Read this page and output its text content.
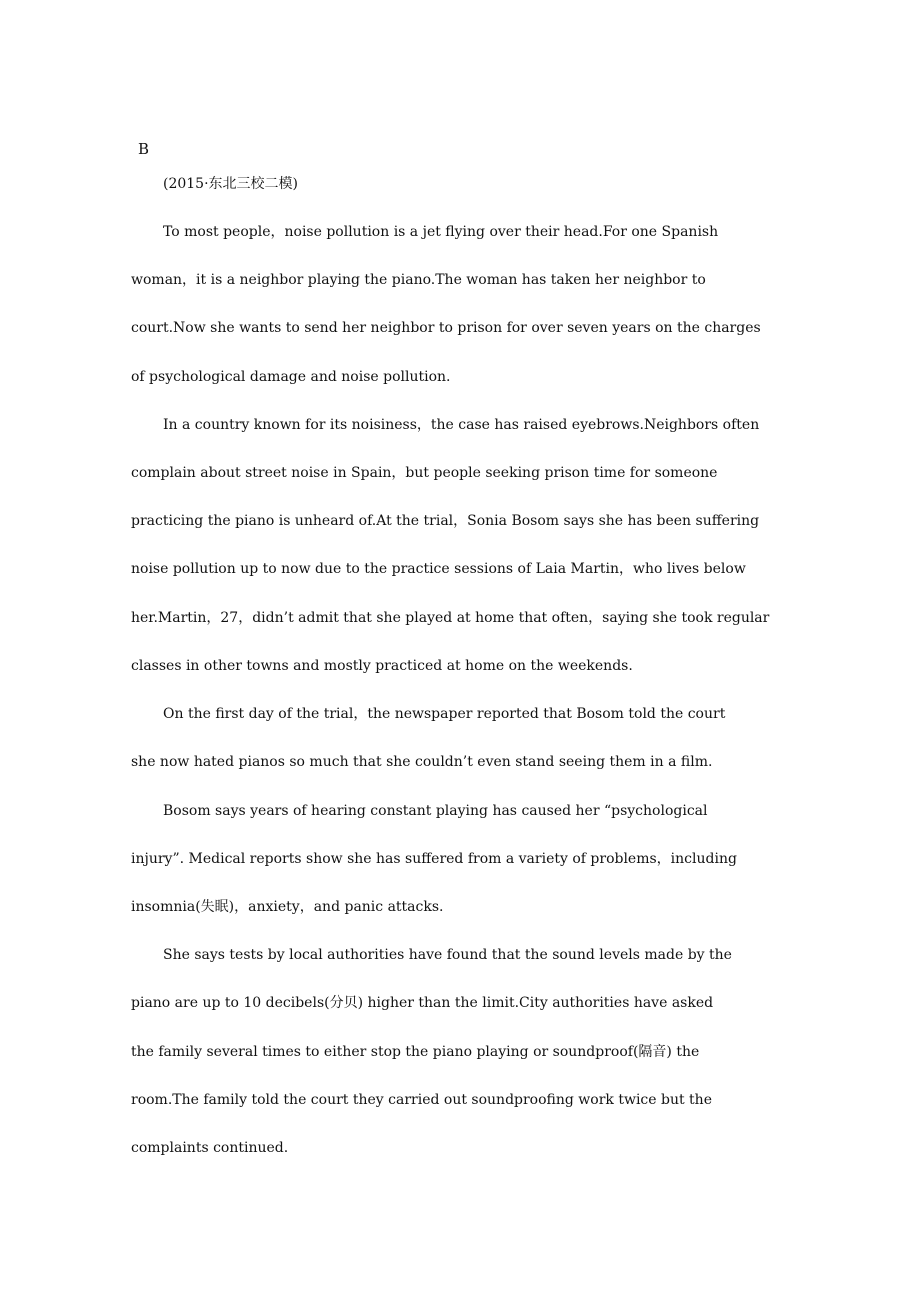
B
(2015·东北三校二模)
To most people，noise pollution is a jet flying over their head.For one Spanish
woman，it is a neighbor playing the piano.The woman has taken her neighbor to
court.Now she wants to send her neighbor to prison for over seven years on the charges
of psychological damage and noise pollution.
In a country known for its noisiness，the case has raised eyebrows.Neighbors often
complain about street noise in Spain，but people seeking prison time for someone
practicing the piano is unheard of.At the trial，Sonia Bosom says she has been suffering
noise pollution up to now due to the practice sessions of Laia Martin，who lives below
her.Martin，27，didn’t admit that she played at home that often，saying she took regular
classes in other towns and mostly practiced at home on the weekends.
On the first day of the trial，the newspaper reported that Bosom told the court
she now hated pianos so much that she couldn’t even stand seeing them in a film.
Bosom says years of hearing constant playing has caused her “psychological
injury”. Medical reports show she has suffered from a variety of problems，including
insomnia(失眠)，anxiety，and panic attacks.
She says tests by local authorities have found that the sound levels made by the
piano are up to 10 decibels(分贝) higher than the limit.City authorities have asked
the family several times to either stop the piano playing or soundproof(隔音) the
room.The family told the court they carried out soundproofing work twice but the
complaints continued.
